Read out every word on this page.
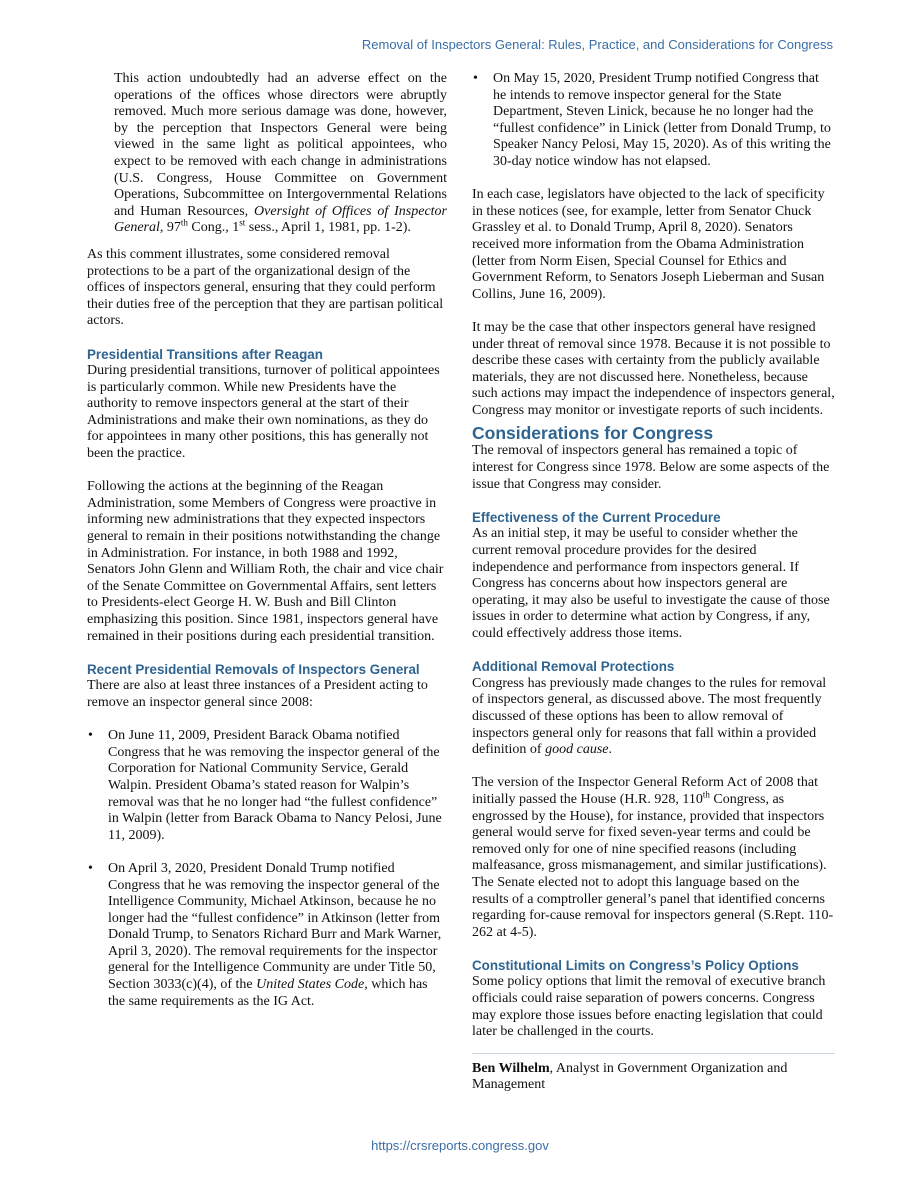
Removal of Inspectors General: Rules, Practice, and Considerations for Congress

This action undoubtedly had an adverse effect on the operations of the offices whose directors were abruptly removed. Much more serious damage was done, however, by the perception that Inspectors General were being viewed in the same light as political appointees, who expect to be removed with each change in administrations (U.S. Congress, House Committee on Government Operations, Subcommittee on Intergovernmental Relations and Human Resources, Oversight of Offices of Inspector General, 97th Cong., 1st sess., April 1, 1981, pp. 1-2).

As this comment illustrates, some considered removal protections to be a part of the organizational design of the offices of inspectors general, ensuring that they could perform their duties free of the perception that they are partisan political actors.

Presidential Transitions after Reagan

During presidential transitions, turnover of political appointees is particularly common. While new Presidents have the authority to remove inspectors general at the start of their Administrations and make their own nominations, as they do for appointees in many other positions, this has generally not been the practice.

Following the actions at the beginning of the Reagan Administration, some Members of Congress were proactive in informing new administrations that they expected inspectors general to remain in their positions notwithstanding the change in Administration. For instance, in both 1988 and 1992, Senators John Glenn and William Roth, the chair and vice chair of the Senate Committee on Governmental Affairs, sent letters to Presidents-elect George H. W. Bush and Bill Clinton emphasizing this position. Since 1981, inspectors general have remained in their positions during each presidential transition.

Recent Presidential Removals of Inspectors General

There are also at least three instances of a President acting to remove an inspector general since 2008:

• On June 11, 2009, President Barack Obama notified Congress that he was removing the inspector general of the Corporation for National Community Service, Gerald Walpin. President Obama’s stated reason for Walpin’s removal was that he no longer had “the fullest confidence” in Walpin (letter from Barack Obama to Nancy Pelosi, June 11, 2009).
• On April 3, 2020, President Donald Trump notified Congress that he was removing the inspector general of the Intelligence Community, Michael Atkinson, because he no longer had the “fullest confidence” in Atkinson (letter from Donald Trump, to Senators Richard Burr and Mark Warner, April 3, 2020). The removal requirements for the inspector general for the Intelligence Community are under Title 50, Section 3033(c)(4), of the United States Code, which has the same requirements as the IG Act.
• On May 15, 2020, President Trump notified Congress that he intends to remove inspector general for the State Department, Steven Linick, because he no longer had the “fullest confidence” in Linick (letter from Donald Trump, to Speaker Nancy Pelosi, May 15, 2020). As of this writing the 30-day notice window has not elapsed.

In each case, legislators have objected to the lack of specificity in these notices (see, for example, letter from Senator Chuck Grassley et al. to Donald Trump, April 8, 2020). Senators received more information from the Obama Administration (letter from Norm Eisen, Special Counsel for Ethics and Government Reform, to Senators Joseph Lieberman and Susan Collins, June 16, 2009).

It may be the case that other inspectors general have resigned under threat of removal since 1978. Because it is not possible to describe these cases with certainty from the publicly available materials, they are not discussed here. Nonetheless, because such actions may impact the independence of inspectors general, Congress may monitor or investigate reports of such incidents.

Considerations for Congress

The removal of inspectors general has remained a topic of interest for Congress since 1978. Below are some aspects of the issue that Congress may consider.

Effectiveness of the Current Procedure

As an initial step, it may be useful to consider whether the current removal procedure provides for the desired independence and performance from inspectors general. If Congress has concerns about how inspectors general are operating, it may also be useful to investigate the cause of those issues in order to determine what action by Congress, if any, could effectively address those items.

Additional Removal Protections

Congress has previously made changes to the rules for removal of inspectors general, as discussed above. The most frequently discussed of these options has been to allow removal of inspectors general only for reasons that fall within a provided definition of good cause.

The version of the Inspector General Reform Act of 2008 that initially passed the House (H.R. 928, 110th Congress, as engrossed by the House), for instance, provided that inspectors general would serve for fixed seven-year terms and could be removed only for one of nine specified reasons (including malfeasance, gross mismanagement, and similar justifications). The Senate elected not to adopt this language based on the results of a comptroller general’s panel that identified concerns regarding for-cause removal for inspectors general (S.Rept. 110-262 at 4-5).

Constitutional Limits on Congress’s Policy Options

Some policy options that limit the removal of executive branch officials could raise separation of powers concerns. Congress may explore those issues before enacting legislation that could later be challenged in the courts.

Ben Wilhelm, Analyst in Government Organization and Management
https://crsreports.congress.gov
